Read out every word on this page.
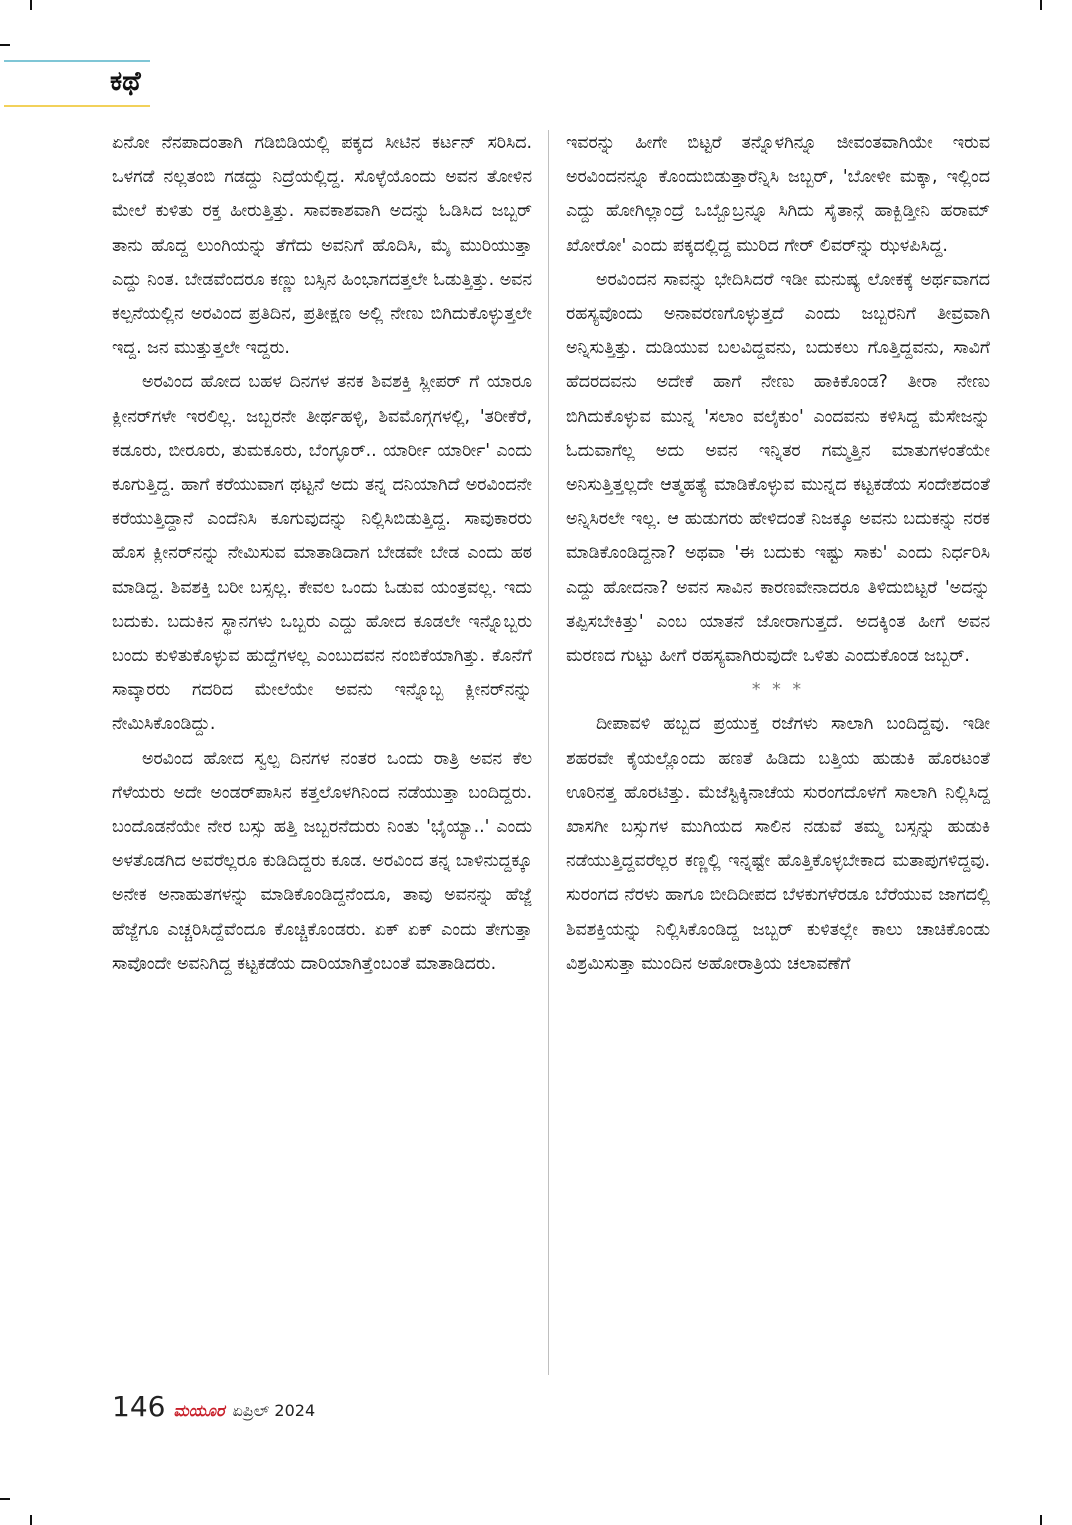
ಕಥೆ

ಏನೋ ನೆನಪಾದಂತಾಗಿ ಗಡಿಬಿಡಿಯಲ್ಲಿ ಪಕ್ಕದ ಸೀಟಿನ ಕರ್ಟನ್ ಸರಿಸಿದ. ಒಳಗಡೆ ನಲ್ಲತಂಬಿ ಗಡದ್ದು ನಿದ್ರೆಯಲ್ಲಿದ್ದ. ಸೊಳ್ಳೆಯೊಂದು ಅವನ ತೋಳಿನ ಮೇಲೆ ಕುಳಿತು ರಕ್ತ ಹೀರುತ್ತಿತ್ತು. ಸಾವಕಾಶವಾಗಿ ಅದನ್ನು ಓಡಿಸಿದ ಜಬ್ಬರ್ ತಾನು ಹೊದ್ದ ಲುಂಗಿಯನ್ನು ತೆಗೆದು ಅವನಿಗೆ ಹೊದಿಸಿ, ಮೈ ಮುರಿಯುತ್ತಾ ಎದ್ದು ನಿಂತ. ಬೇಡವೆಂದರೂ ಕಣ್ಣು ಬಸ್ಸಿನ ಹಿಂಭಾಗದತ್ತಲೇ ಓಡುತ್ತಿತ್ತು. ಅವನ ಕಲ್ಪನೆಯಲ್ಲಿನ ಅರವಿಂದ ಪ್ರತಿದಿನ, ಪ್ರತೀಕ್ಷಣ ಅಲ್ಲಿ ನೇಣು ಬಿಗಿದುಕೊಳ್ಳುತ್ತಲೇ ಇದ್ದ. ಜನ ಮುತ್ತುತ್ತಲೇ ಇದ್ದರು.

ಅರವಿಂದ ಹೋದ ಬಹಳ ದಿನಗಳ ತನಕ ಶಿವಶಕ್ತಿ ಸ್ಲೀಪರ್ ಗೆ ಯಾರೂ ಕ್ಲೀನರ್‌ಗಳೇ ಇರಲಿಲ್ಲ. ಜಬ್ಬರನೇ ತೀರ್ಥಹಳ್ಳಿ, ಶಿವಮೊಗ್ಗಗಳಲ್ಲಿ, 'ತರೀಕೆರೆ, ಕಡೂರು, ಬೀರೂರು, ತುಮಕೂರು, ಬೆಂಗ್ಳೂರ್.. ಯಾರ್ರೀ ಯಾರ್ರೀ' ಎಂದು ಕೂಗುತ್ತಿದ್ದ. ಹಾಗೆ ಕರೆಯುವಾಗ ಥಟ್ಟನೆ ಅದು ತನ್ನ ದನಿಯಾಗಿದೆ ಅರವಿಂದನೇ ಕರೆಯುತ್ತಿದ್ದಾನೆ ಎಂದೆನಿಸಿ ಕೂಗುವುದನ್ನು ನಿಲ್ಲಿಸಿಬಿಡುತ್ತಿದ್ದ. ಸಾವುಕಾರರು ಹೊಸ ಕ್ಲೀನರ್‌ನನ್ನು ನೇಮಿಸುವ ಮಾತಾಡಿದಾಗ ಬೇಡವೇ ಬೇಡ ಎಂದು ಹಠ ಮಾಡಿದ್ದ. ಶಿವಶಕ್ತಿ ಬರೀ ಬಸ್ಸಲ್ಲ. ಕೇವಲ ಒಂದು ಓಡುವ ಯಂತ್ರವಲ್ಲ. ಇದು ಬದುಕು. ಬದುಕಿನ ಸ್ಥಾನಗಳು ಒಬ್ಬರು ಎದ್ದು ಹೋದ ಕೂಡಲೇ ಇನ್ನೊಬ್ಬರು ಬಂದು ಕುಳಿತುಕೊಳ್ಳುವ ಹುದ್ದೆಗಳಲ್ಲ ಎಂಬುದವನ ನಂಬಿಕೆಯಾಗಿತ್ತು. ಕೊನೆಗೆ ಸಾವ್ಕಾರರು ಗದರಿದ ಮೇಲೆಯೇ ಅವನು ಇನ್ನೊಬ್ಬ ಕ್ಲೀನರ್‌ನನ್ನು ನೇಮಿಸಿಕೊಂಡಿದ್ದು.

ಅರವಿಂದ ಹೋದ ಸ್ವಲ್ಪ ದಿನಗಳ ನಂತರ ಒಂದು ರಾತ್ರಿ ಅವನ ಕೆಲ ಗೆಳೆಯರು ಅದೇ ಅಂಡರ್‌ಪಾಸಿನ ಕತ್ತಲೊಳಗಿನಿಂದ ನಡೆಯುತ್ತಾ ಬಂದಿದ್ದರು. ಬಂದೊಡನೆಯೇ ನೇರ ಬಸ್ಸು ಹತ್ತಿ ಜಬ್ಬರನೆದುರು ನಿಂತು 'ಭೈಯ್ಯಾ..' ಎಂದು ಅಳತೊಡಗಿದ ಅವರೆಲ್ಲರೂ ಕುಡಿದಿದ್ದರು ಕೂಡ. ಅರವಿಂದ ತನ್ನ ಬಾಳಿನುದ್ದಕ್ಕೂ ಅನೇಕ ಅನಾಹುತಗಳನ್ನು ಮಾಡಿಕೊಂಡಿದ್ದನೆಂದೂ, ತಾವು ಅವನನ್ನು ಹೆಜ್ಜೆ ಹೆಜ್ಜೆಗೂ ಎಚ್ಚರಿಸಿದ್ದೆವೆಂದೂ ಕೊಚ್ಚಿಕೊಂಡರು. ಏಕ್ ಏಕ್ ಎಂದು ತೇಗುತ್ತಾ ಸಾವೊಂದೇ ಅವನಿಗಿದ್ದ ಕಟ್ಟಕಡೆಯ ದಾರಿಯಾಗಿತ್ತೆಂಬಂತೆ ಮಾತಾಡಿದರು.

ಇವರನ್ನು ಹೀಗೇ ಬಿಟ್ಟರೆ ತನ್ನೊಳಗಿನ್ನೂ ಜೀವಂತವಾಗಿಯೇ ಇರುವ ಅರವಿಂದನನ್ನೂ ಕೊಂದುಬಿಡುತ್ತಾರೆನ್ನಿಸಿ ಜಬ್ಬರ್, 'ಬೋಳೀ ಮಕ್ಕಾ, ಇಲ್ಲಿಂದ ಎದ್ದು ಹೋಗಿಲ್ಲಾಂದ್ರೆ ಒಬ್ಬೊಬ್ರನ್ನೂ ಸಿಗಿದು ಸೈತಾನ್ಗೆ ಹಾಕ್ಬಿಡ್ತೀನಿ ಹರಾಮ್ ಖೋರೋ' ಎಂದು ಪಕ್ಕದಲ್ಲಿದ್ದ ಮುರಿದ ಗೇರ್ ಲಿವರ್‌ನ್ನು ಝಳಪಿಸಿದ್ದ.

ಅರವಿಂದನ ಸಾವನ್ನು ಭೇದಿಸಿದರೆ ಇಡೀ ಮನುಷ್ಯ ಲೋಕಕ್ಕೆ ಅರ್ಥವಾಗದ ರಹಸ್ಯವೊಂದು ಅನಾವರಣಗೊಳ್ಳುತ್ತದೆ ಎಂದು ಜಬ್ಬರನಿಗೆ ತೀವ್ರವಾಗಿ ಅನ್ನಿಸುತ್ತಿತ್ತು. ದುಡಿಯುವ ಬಲವಿದ್ದವನು, ಬದುಕಲು ಗೊತ್ತಿದ್ದವನು, ಸಾವಿಗೆ ಹೆದರದವನು ಅದೇಕೆ ಹಾಗೆ ನೇಣು ಹಾಕಿಕೊಂಡ? ತೀರಾ ನೇಣು ಬಿಗಿದುಕೊಳ್ಳುವ ಮುನ್ನ 'ಸಲಾಂ ವಲೈಕುಂ' ಎಂದವನು ಕಳಿಸಿದ್ದ ಮೆಸೇಜನ್ನು ಓದುವಾಗೆಲ್ಲ ಅದು ಅವನ ಇನ್ನಿತರ ಗಮ್ಮತ್ತಿನ ಮಾತುಗಳಂತೆಯೇ ಅನಿಸುತ್ತಿತ್ತಲ್ಲದೇ ಆತ್ಮಹತ್ಯೆ ಮಾಡಿಕೊಳ್ಳುವ ಮುನ್ನದ ಕಟ್ಟಕಡೆಯ ಸಂದೇಶದಂತೆ ಅನ್ನಿಸಿರಲೇ ಇಲ್ಲ. ಆ ಹುಡುಗರು ಹೇಳಿದಂತೆ ನಿಜಕ್ಕೂ ಅವನು ಬದುಕನ್ನು ನರಕ ಮಾಡಿಕೊಂಡಿದ್ದನಾ? ಅಥವಾ 'ಈ ಬದುಕು ಇಷ್ಟು ಸಾಕು' ಎಂದು ನಿರ್ಧರಿಸಿ ಎದ್ದು ಹೋದನಾ? ಅವನ ಸಾವಿನ ಕಾರಣವೇನಾದರೂ ತಿಳಿದುಬಿಟ್ಟರೆ 'ಅದನ್ನು ತಪ್ಪಿಸಬೇಕಿತ್ತು' ಎಂಬ ಯಾತನೆ ಜೋರಾಗುತ್ತದೆ. ಅದಕ್ಕಿಂತ ಹೀಗೆ ಅವನ ಮರಣದ ಗುಟ್ಟು ಹೀಗೆ ರಹಸ್ಯವಾಗಿರುವುದೇ ಒಳಿತು ಎಂದುಕೊಂಡ ಜಬ್ಬರ್.

* * *

ದೀಪಾವಳಿ ಹಬ್ಬದ ಪ್ರಯುಕ್ತ ರಜೆಗಳು ಸಾಲಾಗಿ ಬಂದಿದ್ದವು. ಇಡೀ ಶಹರವೇ ಕೈಯಲ್ಲೊಂದು ಹಣತೆ ಹಿಡಿದು ಬತ್ತಿಯ ಹುಡುಕಿ ಹೊರಟಂತೆ ಊರಿನತ್ತ ಹೊರಟಿತ್ತು. ಮೆಜೆಸ್ಟಿಕ್ಕಿನಾಚೆಯ ಸುರಂಗದೊಳಗೆ ಸಾಲಾಗಿ ನಿಲ್ಲಿಸಿದ್ದ ಖಾಸಗೀ ಬಸ್ಸುಗಳ ಮುಗಿಯದ ಸಾಲಿನ ನಡುವೆ ತಮ್ಮ ಬಸ್ಸನ್ನು ಹುಡುಕಿ ನಡೆಯುತ್ತಿದ್ದವರೆಲ್ಲರ ಕಣ್ಣಲ್ಲಿ ಇನ್ನಷ್ಟೇ ಹೊತ್ತಿಕೊಳ್ಳಬೇಕಾದ ಮತಾಪುಗಳಿದ್ದವು. ಸುರಂಗದ ನೆರಳು ಹಾಗೂ ಬೀದಿದೀಪದ ಬೆಳಕುಗಳೆರಡೂ ಬೆರೆಯುವ ಜಾಗದಲ್ಲಿ ಶಿವಶಕ್ತಿಯನ್ನು ನಿಲ್ಲಿಸಿಕೊಂಡಿದ್ದ ಜಬ್ಬರ್ ಕುಳಿತಲ್ಲೇ ಕಾಲು ಚಾಚಿಕೊಂಡು ವಿಶ್ರಮಿಸುತ್ತಾ ಮುಂದಿನ ಅಹೋರಾತ್ರಿಯ ಚಲಾವಣೆಗೆ

146 ಮಯೂರ ಏಪ್ರಿಲ್ 2024
